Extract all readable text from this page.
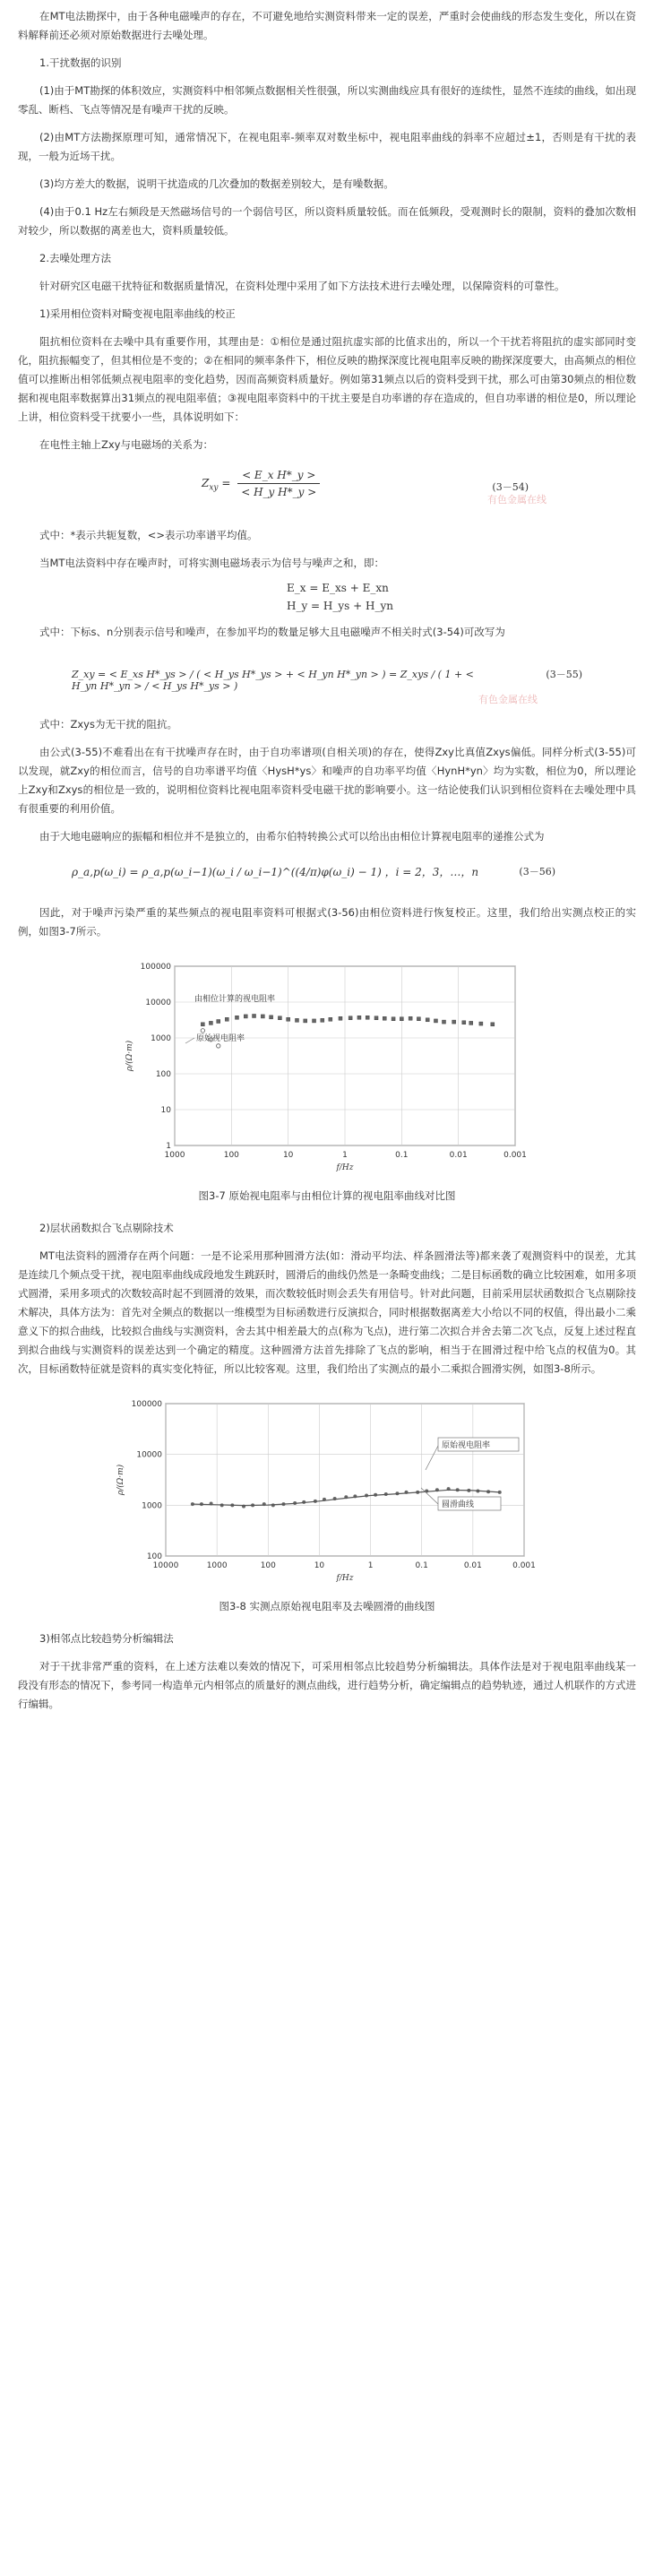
在MT电法勘探中，由于各种电磁噪声的存在，不可避免地给实测资料带来一定的误差，严重时会使曲线的形态发生变化，所以在资料解释前还必须对原始数据进行去噪处理。

1.干扰数据的识别

(1)由于MT勘探的体积效应，实测资料中相邻频点数据相关性很强，所以实测曲线应具有很好的连续性，显然不连续的曲线，如出现零乱、断档、飞点等情况是有噪声干扰的反映。

(2)由MT方法勘探原理可知，通常情况下，在视电阻率-频率双对数坐标中，视电阻率曲线的斜率不应超过±1，否则是有干扰的表现，一般为近场干扰。

(3)均方差大的数据，说明干扰造成的几次叠加的数据差别较大，是有噪数据。

(4)由于0.1 Hz左右频段是天然磁场信号的一个弱信号区，所以资料质量较低。而在低频段，受观测时长的限制，资料的叠加次数相对较少，所以数据的离差也大，资料质量较低。

2.去噪处理方法

针对研究区电磁干扰特征和数据质量情况，在资料处理中采用了如下方法技术进行去噪处理，以保障资料的可靠性。

1)采用相位资料对畸变视电阻率曲线的校正

阻抗相位资料在去噪中具有重要作用，其理由是：①相位是通过阻抗虚实部的比值求出的，所以一个干扰若将阻抗的虚实部同时变化，阻抗振幅变了，但其相位是不变的；②在相同的频率条件下，相位反映的勘探深度比视电阻率反映的勘探深度要大，由高频点的相位值可以推断出相邻低频点视电阻率的变化趋势，因而高频资料质量好。例如第31频点以后的资料受到干扰，那么可由第30频点的相位数据和视电阻率数据算出31频点的视电阻率值；③视电阻率资料中的干扰主要是自功率谱的存在造成的，但自功率谱的相位是0，所以理论上讲，相位资料受干扰要小一些，具体说明如下：

在电性主轴上Zxy与电磁场的关系为：

$Z_{xy} = \frac{\text{< E\_x H*\_y >}}{\text{< H\_y H*\_y >}}$	(3－54)
有色金属在线

式中：*表示共轭复数，<>表示功率谱平均值。

当MT电法资料中存在噪声时，可将实测电磁场表示为信号与噪声之和，即：

E_x = E_xs + E_xn
H_y = H_ys + H_yn

式中：下标s、n分别表示信号和噪声，在参加平均的数量足够大且电磁噪声不相关时式(3-54)可改写为

Z_xy = < E_xs H*_ys > / ( < H_ys H*_ys > + < H_yn H*_yn > ) = Z_xys / ( 1 + < H_yn H*_yn > / < H_ys H*_ys > )
(3－55)
有色金属在线

式中：Zxys为无干扰的阻抗。

由公式(3-55)不难看出在有干扰噪声存在时，由于自功率谱项(自相关项)的存在，使得Zxy比真值Zxys偏低。同样分析式(3-55)可以发现，就Zxy的相位而言，信号的自功率谱平均值〈HysH*ys〉和噪声的自功率平均值〈HynH*yn〉均为实数，相位为0，所以理论上Zxy和Zxys的相位是一致的，说明相位资料比视电阻率资料受电磁干扰的影响要小。这一结论使我们认识到相位资料在去噪处理中具有很重要的利用价值。

由于大地电磁响应的振幅和相位并不是独立的，由希尔伯特转换公式可以给出由相位计算视电阻率的递推公式为

ρ_a,p(ω_i) = ρ_a,p(ω_i−1)(ω_i / ω_i−1)^((4/π)φ(ω_i) − 1) ，i = 2，3，…，n	(3－56)

因此，对于噪声污染严重的某些频点的视电阻率资料可根据式(3-56)由相位资料进行恢复校正。这里，我们给出实测点校正的实例，如图3-7所示。

1000	100	10	1	0.1	0.01	0.001
100000
10000
1000
100
10
1
f/Hz
ρ/(Ω·m)
由相位计算的视电阻率
原始视电阻率
图3-7 原始视电阻率与由相位计算的视电阻率曲线对比图

2)层状函数拟合飞点剔除技术

MT电法资料的圆滑存在两个问题：一是不论采用那种圆滑方法(如：滑动平均法、样条圆滑法等)都来袭了观测资料中的误差，尤其是连续几个频点受干扰，视电阻率曲线成段地发生跳跃时，圆滑后的曲线仍然是一条畸变曲线；二是目标函数的确立比较困难，如用多项式圆滑，采用多项式的次数较高时起不到圆滑的效果，而次数较低时则会丢失有用信号。针对此问题，目前采用层状函数拟合飞点剔除技术解决，具体方法为：首先对全频点的数据以一维模型为目标函数进行反演拟合，同时根据数据离差大小给以不同的权值，得出最小二乘意义下的拟合曲线，比较拟合曲线与实测资料，舍去其中相差最大的点(称为飞点)，进行第二次拟合并舍去第二次飞点，反复上述过程直到拟合曲线与实测资料的误差达到一个确定的精度。这种圆滑方法首先排除了飞点的影响，相当于在圆滑过程中给飞点的权值为0。其次，目标函数特征就是资料的真实变化特征，所以比较客观。这里，我们给出了实测点的最小二乘拟合圆滑实例，如图3-8所示。

10000	1000	100	10	1	0.1	0.01	0.001
100000
10000
1000
100
f/Hz
ρ/(Ω·m)
原始视电阻率
圆滑曲线
图3-8 实测点原始视电阻率及去噪圆滑的曲线图

3)相邻点比较趋势分析编辑法

对于干扰非常严重的资料，在上述方法难以奏效的情况下，可采用相邻点比较趋势分析编辑法。具体作法是对于视电阻率曲线某一段没有形态的情况下，参考同一构造单元内相邻点的质量好的测点曲线，进行趋势分析，确定编辑点的趋势轨迹，通过人机联作的方式进行编辑。
